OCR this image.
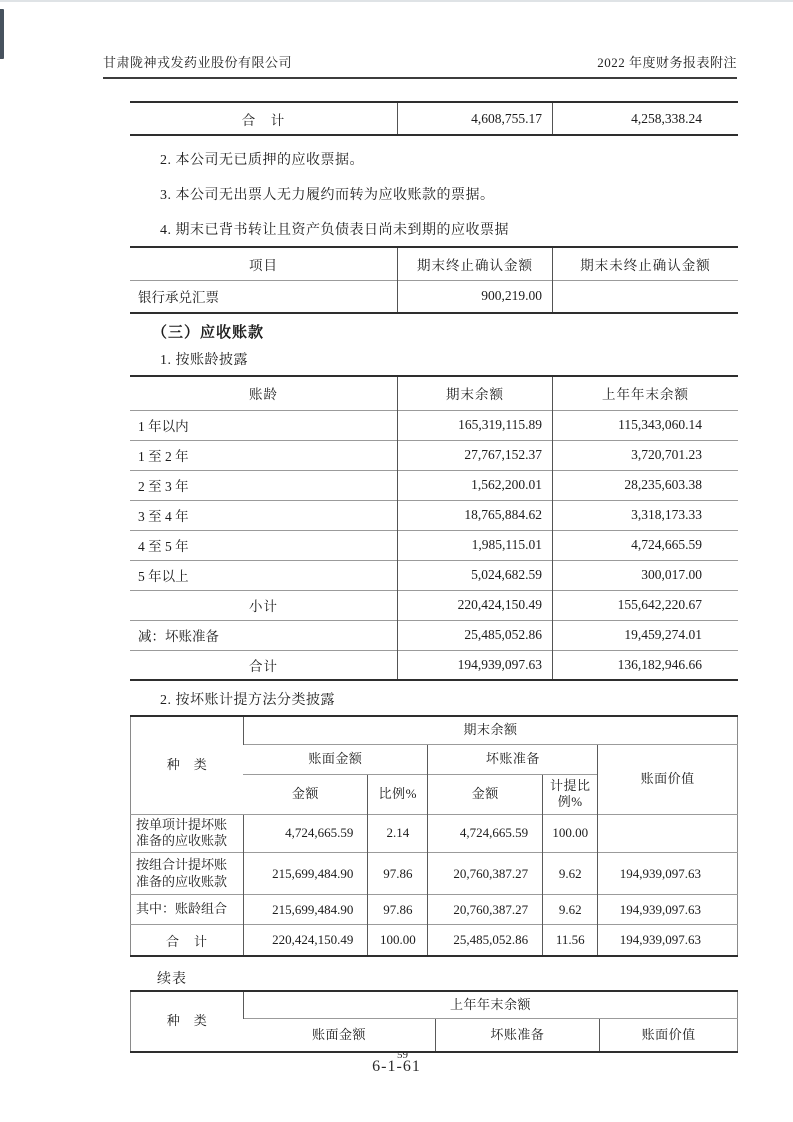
甘肃陇神戎发药业股份有限公司	2022 年度财务报表附注
合　计	4,608,755.17	4,258,338.24

2. 本公司无已质押的应收票据。

3. 本公司无出票人无力履约而转为应收账款的票据。

4. 期末已背书转让且资产负债表日尚未到期的应收票据

项目	期末终止确认金额	期末未终止确认金额
银行承兑汇票	900,219.00	
（三）应收账款

1. 按账龄披露

账龄	期末余额	上年年末余额
1 年以内	165,319,115.89	115,343,060.14
1 至 2 年	27,767,152.37	3,720,701.23
2 至 3 年	1,562,200.01	28,235,603.38
3 至 4 年	18,765,884.62	3,318,173.33
4 至 5 年	1,985,115.01	4,724,665.59
5 年以上	5,024,682.59	300,017.00
小计	220,424,150.49	155,642,220.67
减：坏账准备	25,485,052.86	19,459,274.01
合计	194,939,097.63	136,182,946.66

2. 按坏账计提方法分类披露

种　类	期末余额				
	账面金额		坏账准备		账面价值
	金额	比例%	金额	计提比例%	
按单项计提坏账准备的应收账款	4,724,665.59	2.14	4,724,665.59	100.00	
按组合计提坏账准备的应收账款	215,699,484.90	97.86	20,760,387.27	9.62	194,939,097.63
其中：账龄组合	215,699,484.90	97.86	20,760,387.27	9.62	194,939,097.63
合　计	220,424,150.49	100.00	25,485,052.86	11.56	194,939,097.63

续表

种　类	上年年末余额		
	账面金额	坏账准备	账面价值
59
6-1-61
